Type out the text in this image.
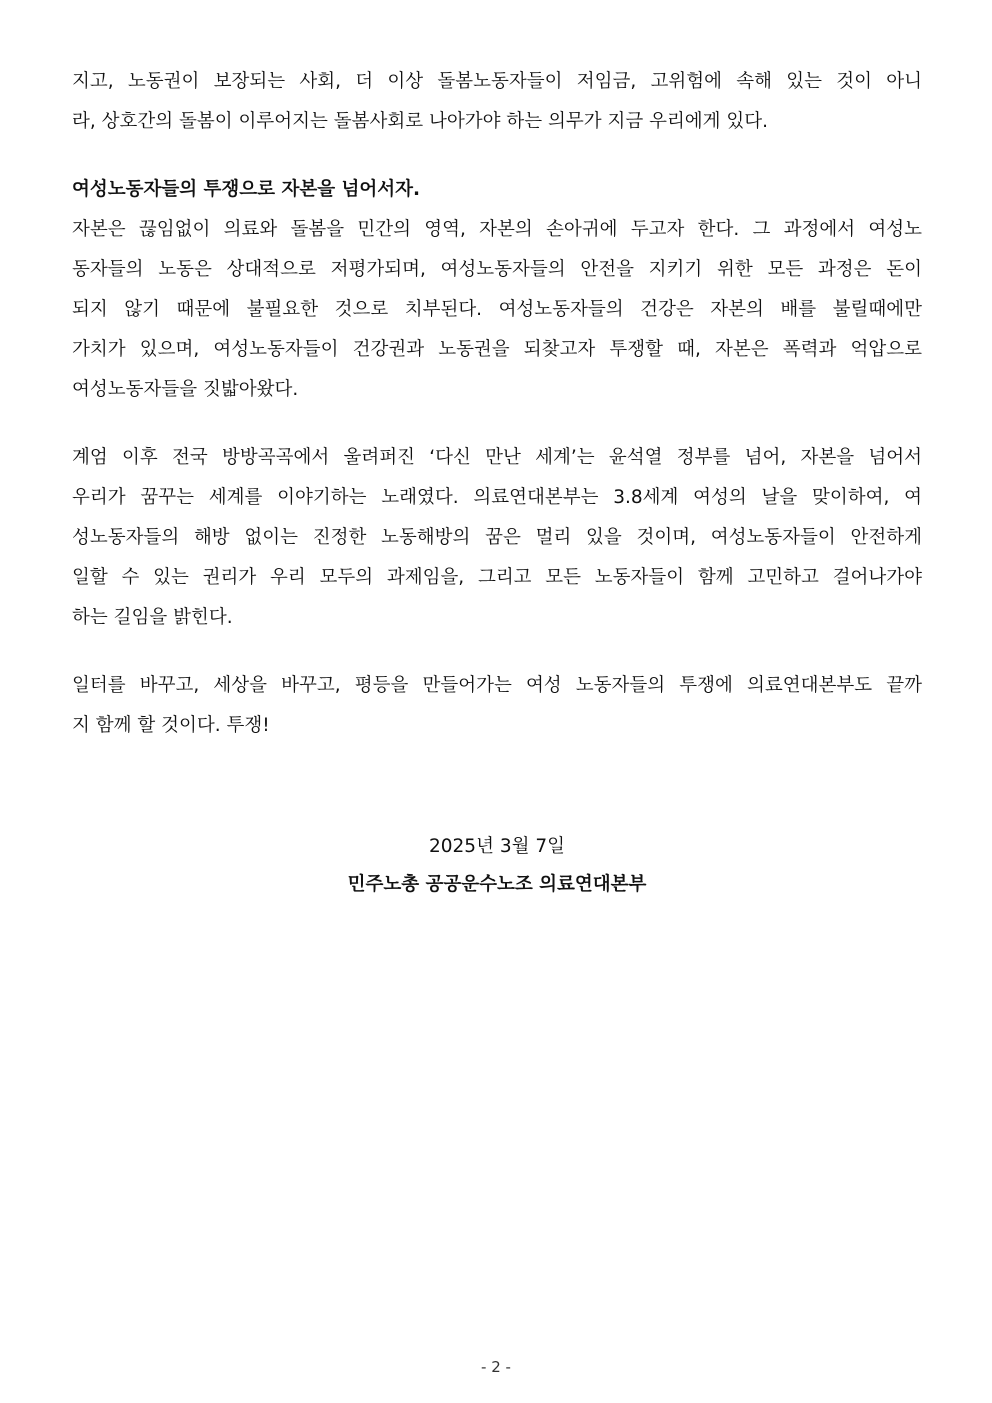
지고, 노동권이 보장되는 사회, 더 이상 돌봄노동자들이 저임금, 고위험에 속해 있는 것이 아니
라, 상호간의 돌봄이 이루어지는 돌봄사회로 나아가야 하는 의무가 지금 우리에게 있다.
여성노동자들의 투쟁으로 자본을 넘어서자.
자본은 끊임없이 의료와 돌봄을 민간의 영역, 자본의 손아귀에 두고자 한다. 그 과정에서 여성노
동자들의 노동은 상대적으로 저평가되며, 여성노동자들의 안전을 지키기 위한 모든 과정은 돈이
되지 않기 때문에 불필요한 것으로 치부된다. 여성노동자들의 건강은 자본의 배를 불릴때에만
가치가 있으며, 여성노동자들이 건강권과 노동권을 되찾고자 투쟁할 때, 자본은 폭력과 억압으로
여성노동자들을 짓밟아왔다.
계엄 이후 전국 방방곡곡에서 울려퍼진 ‘다신 만난 세계’는 윤석열 정부를 넘어, 자본을 넘어서
우리가 꿈꾸는 세계를 이야기하는 노래였다. 의료연대본부는 3.8세계 여성의 날을 맞이하여, 여
성노동자들의 해방 없이는 진정한 노동해방의 꿈은 멀리 있을 것이며, 여성노동자들이 안전하게
일할 수 있는 권리가 우리 모두의 과제임을, 그리고 모든 노동자들이 함께 고민하고 걸어나가야
하는 길임을 밝힌다.
일터를 바꾸고, 세상을 바꾸고, 평등을 만들어가는 여성 노동자들의 투쟁에 의료연대본부도 끝까
지 함께 할 것이다. 투쟁!
2025년 3월 7일
민주노총 공공운수노조 의료연대본부
- 2 -
